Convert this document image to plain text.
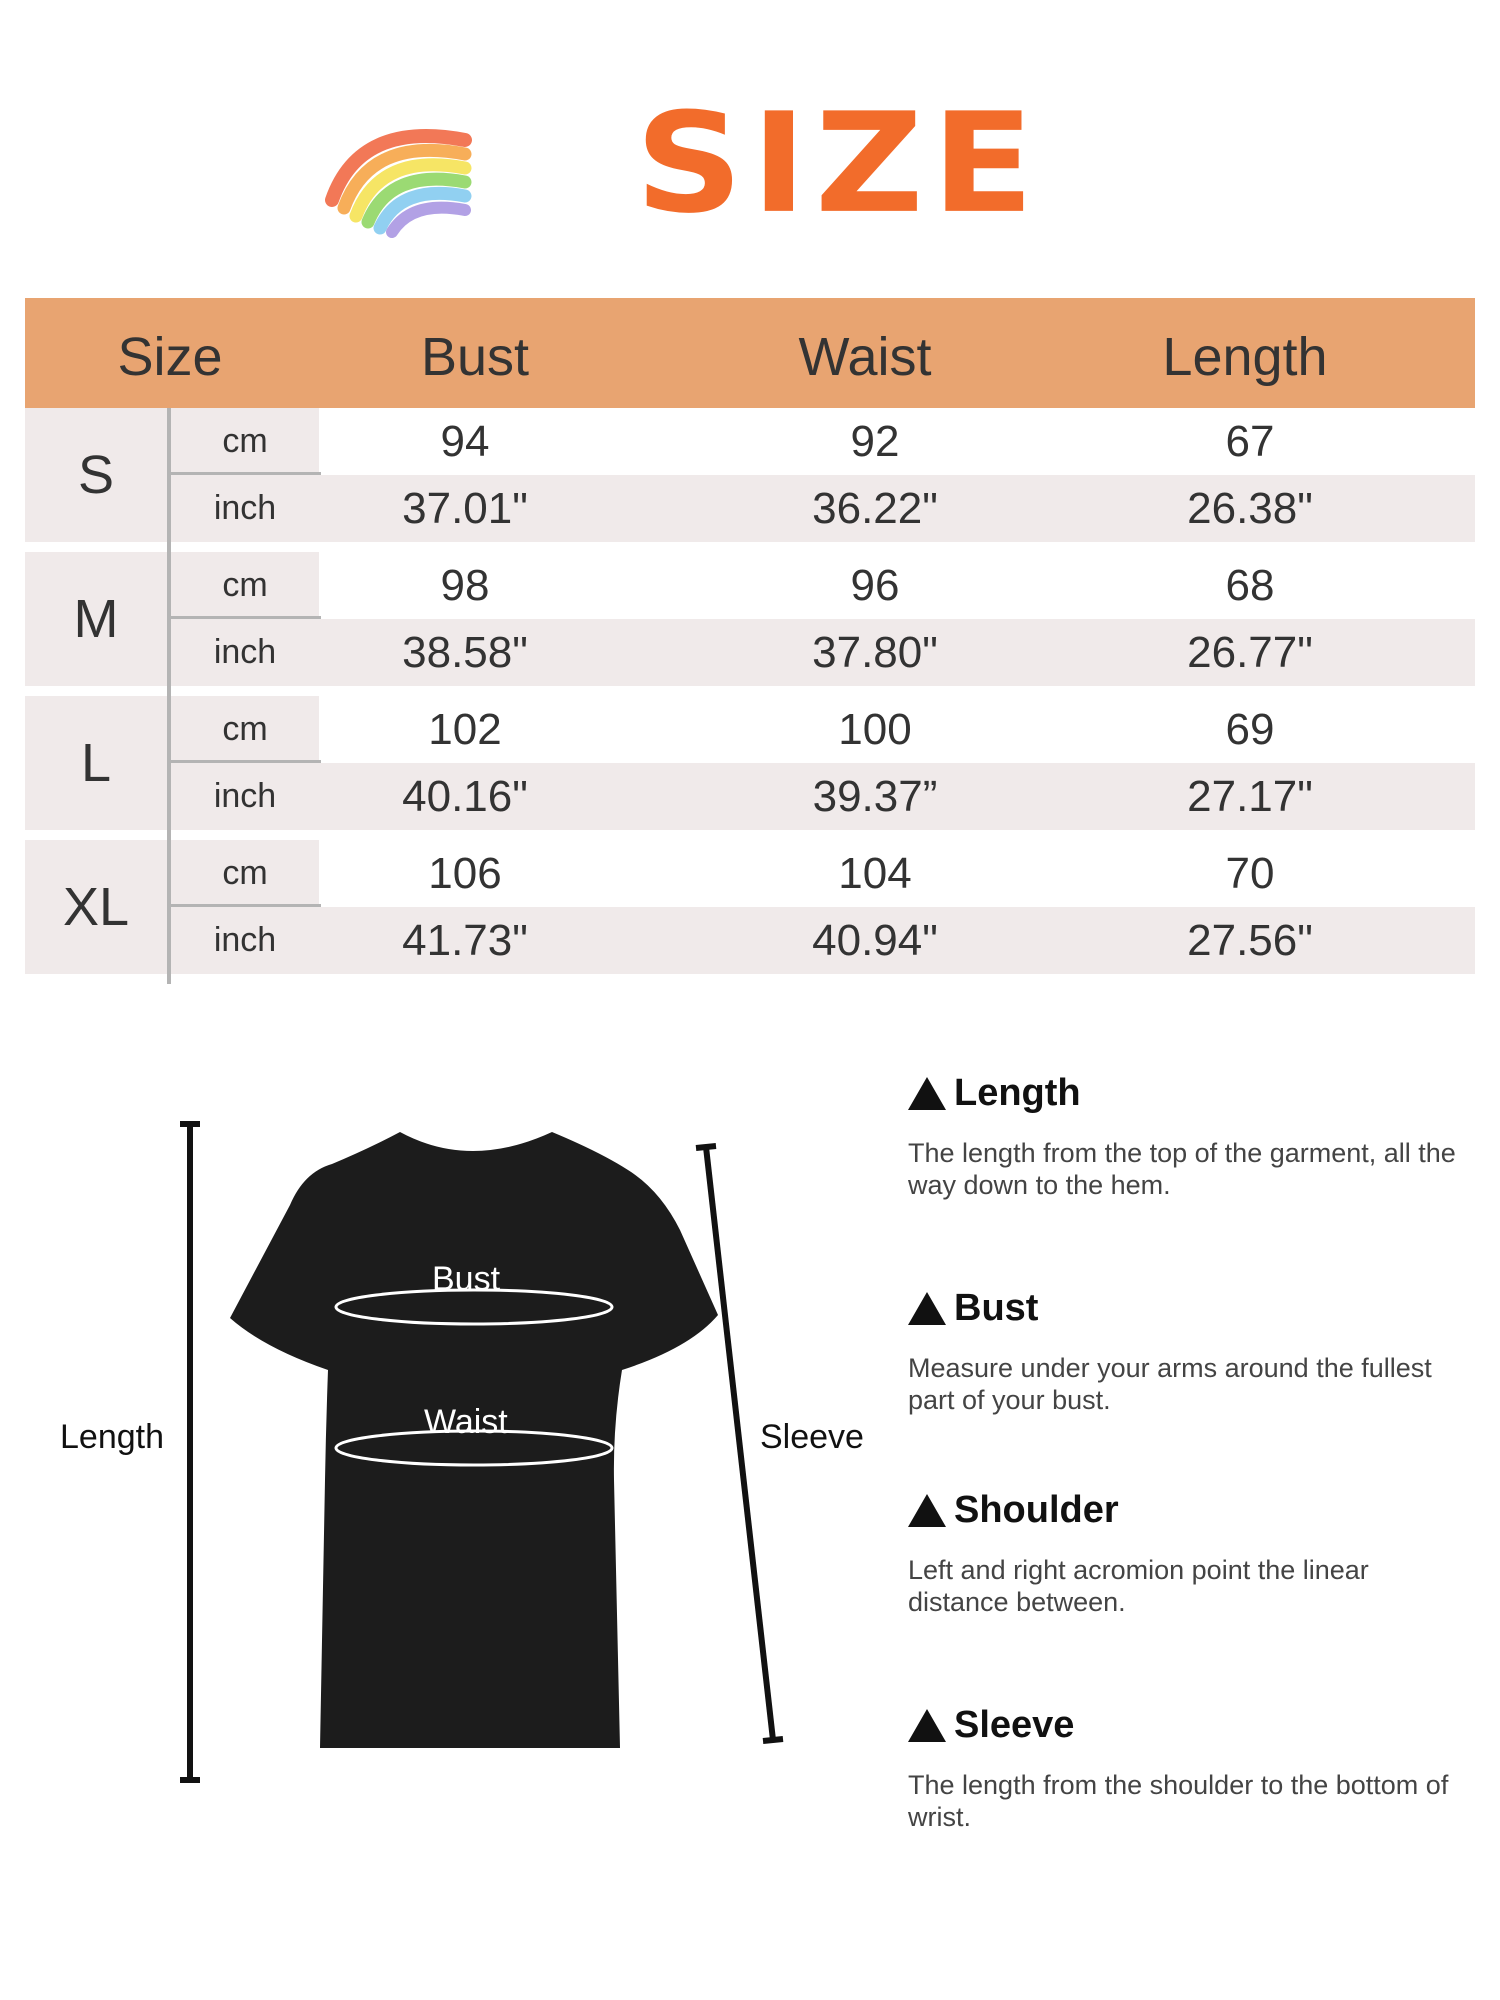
SIZE
Size	Bust	Waist	Length
S
cm	94	92	67
inch	37.01"	36.22"	26.38"
M
cm	98	96	68
inch	38.58"	37.80"	26.77"
L
cm	102	100	69
inch	40.16"	39.37”	27.17"
XL
cm	106	104	70
inch	41.73"	40.94"	27.56"
Bust
Waist
Length	Sleeve
Length

The length from the top of the garment, all the way down to the hem.

Bust

Measure under your arms around the fullest part of your bust.

Shoulder

Left and right acromion point the linear distance between.

Sleeve

The length from the shoulder to the bottom of wrist.
